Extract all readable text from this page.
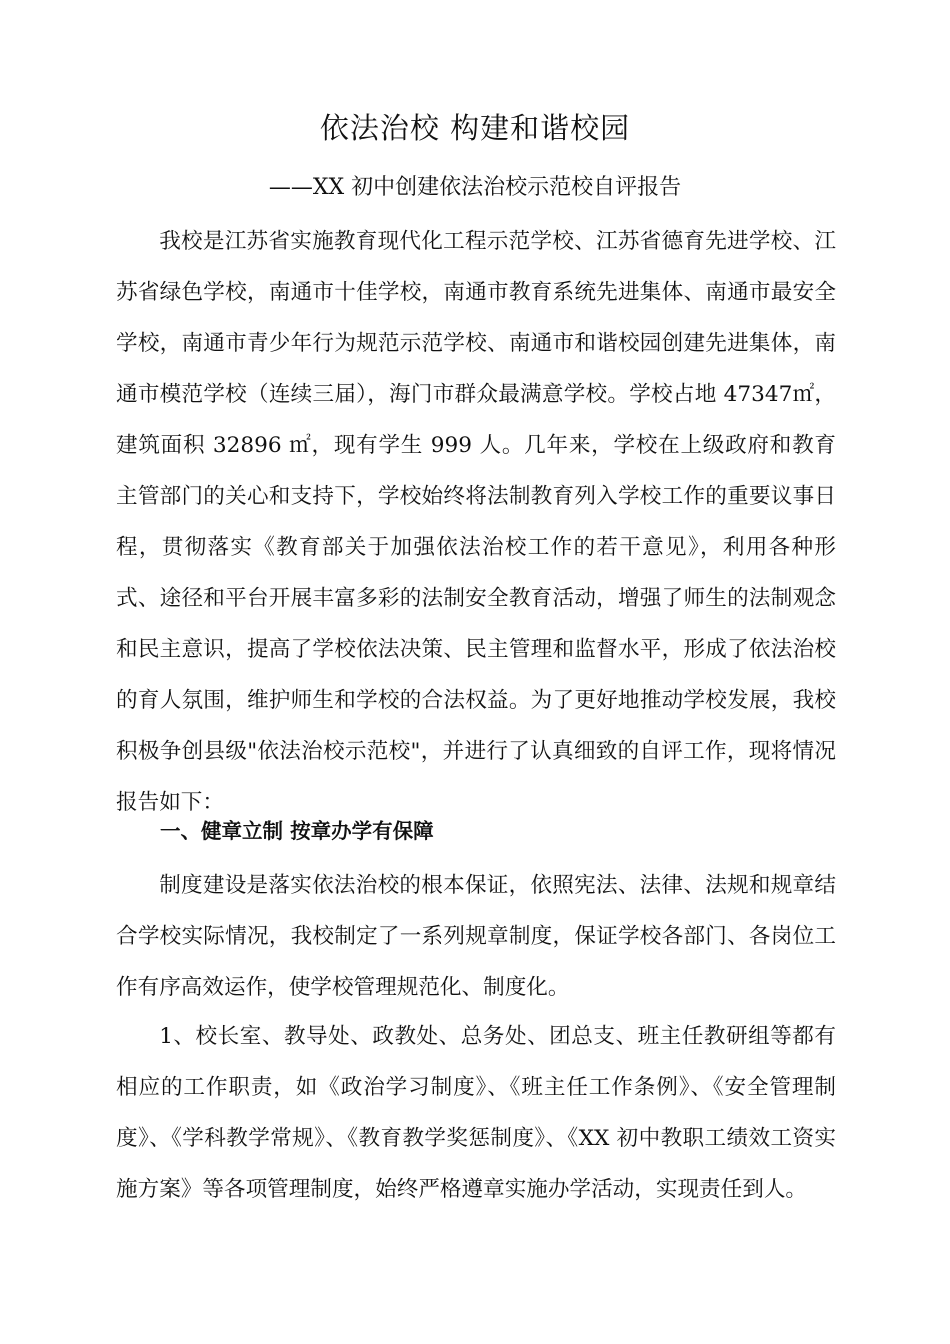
依法治校 构建和谐校园
——XX 初中创建依法治校示范校自评报告

我校是江苏省实施教育现代化工程示范学校、江苏省德育先进学校、江苏省绿色学校，南通市十佳学校，南通市教育系统先进集体、南通市最安全学校，南通市青少年行为规范示范学校、南通市和谐校园创建先进集体，南通市模范学校（连续三届），海门市群众最满意学校。学校占地 47347㎡，建筑面积 32896 ㎡，现有学生 999 人。几年来，学校在上级政府和教育主管部门的关心和支持下，学校始终将法制教育列入学校工作的重要议事日程，贯彻落实《教育部关于加强依法治校工作的若干意见》，利用各种形式、途径和平台开展丰富多彩的法制安全教育活动，增强了师生的法制观念和民主意识，提高了学校依法决策、民主管理和监督水平，形成了依法治校的育人氛围，维护师生和学校的合法权益。为了更好地推动学校发展，我校积极争创县级"依法治校示范校"，并进行了认真细致的自评工作，现将情况报告如下：

一、健章立制 按章办学有保障

制度建设是落实依法治校的根本保证，依照宪法、法律、法规和规章结合学校实际情况，我校制定了一系列规章制度，保证学校各部门、各岗位工作有序高效运作，使学校管理规范化、制度化。

1、校长室、教导处、政教处、总务处、团总支、班主任教研组等都有相应的工作职责，如《政治学习制度》、《班主任工作条例》、《安全管理制度》、《学科教学常规》、《教育教学奖惩制度》、《XX 初中教职工绩效工资实施方案》等各项管理制度，始终严格遵章实施办学活动，实现责任到人。
